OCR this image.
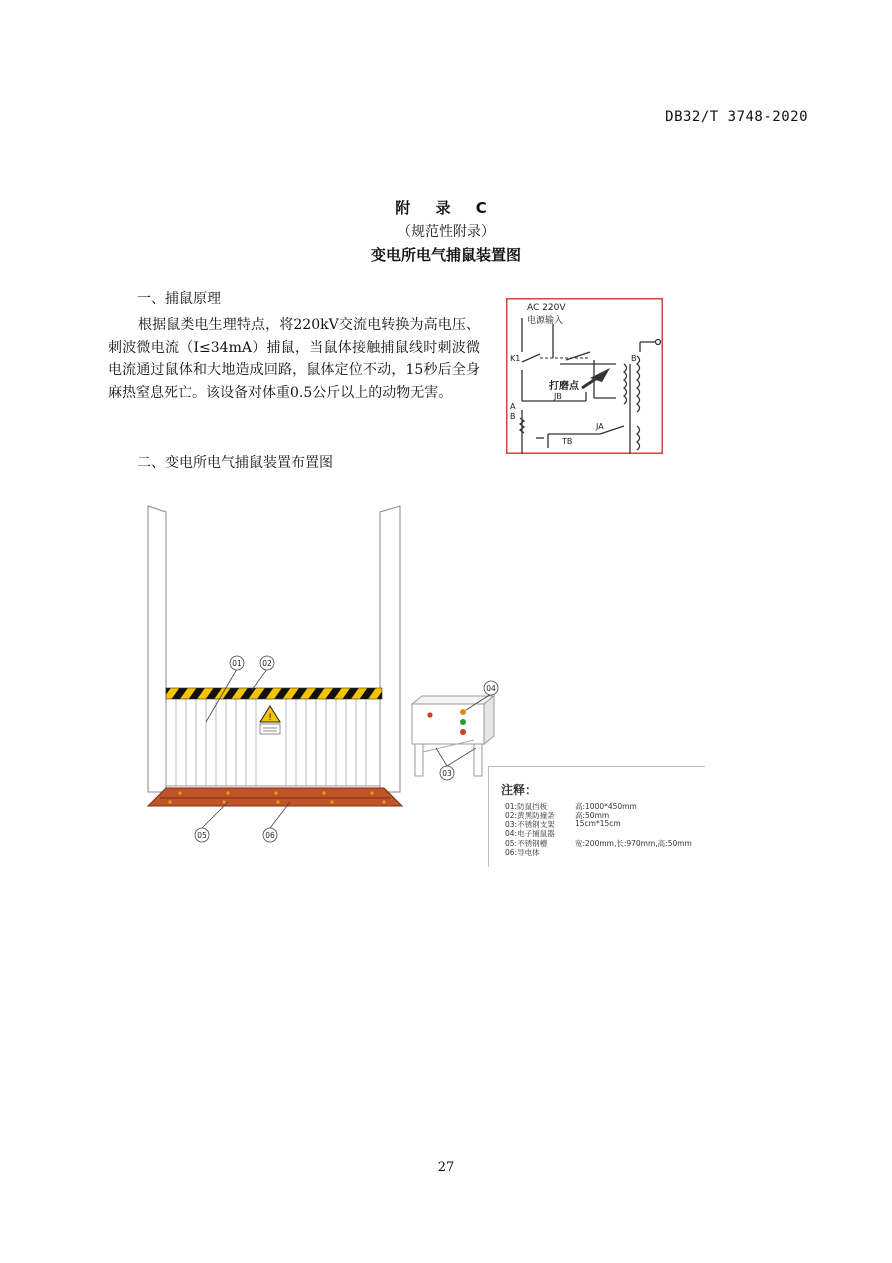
DB32/T 3748-2020
附 录 C
（规范性附录）
变电所电气捕鼠装置图
一、捕鼠原理
根据鼠类电生理特点，将220kV交流电转换为高电压、刺波微电流（I≤34mA）捕鼠，当鼠体接触捕鼠线时刺波微电流通过鼠体和大地造成回路，鼠体定位不动，15秒后全身麻热窒息死亡。该设备对体重0.5公斤以上的动物无害。
AC 220V
电源输入
K1	B
打磨点
JB
A
B
JA
TB
二、变电所电气捕鼠装置布置图
!
01	02
04
03
05	06
注释：
01:防鼠挡板	高:1000*450mm
02:黄黑防撞条	高:50mm
03:不锈钢支架	15cm*15cm
04:电子捕鼠器
05:不锈钢槽	宽:200mm,长:970mm,高:50mm
06:导电体
27
